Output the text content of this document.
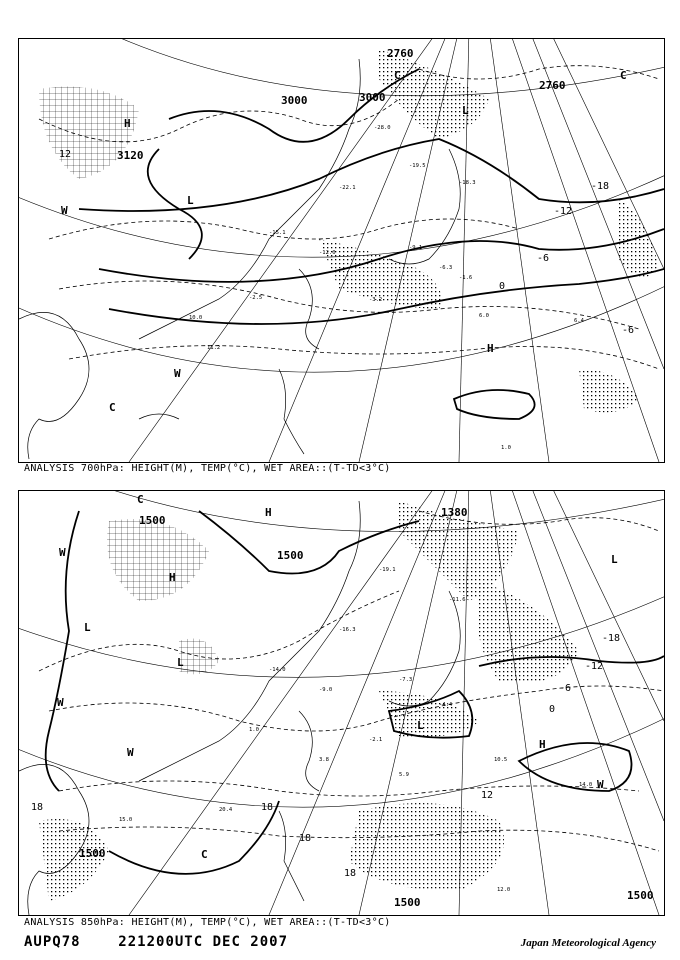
3000	3000
2760
2760
3120
-18
-12
-6
0
-6
12
H
L
C
W
W
C
H
L
C
-28.0
-22.1
-19.5
-18.3
-15.1
-12.0
-9.1
-6.3
-3.2
-1.6
-2.5
6.0
6.4
11.2
10.0
1.0
ANALYSIS 700hPa: HEIGHT(M), TEMP(°C), WET AREA::(T-TD<3°C)
1500
1500
1380
1500
1500
1500
-18
-12
-6
0
12
18	18
18
18
H
L
W
W
W
L
H
H
W
C
L
L
C
-19.1
-16.3
-14.0
-11.6
-9.0
-7.3
-4.4
-2.1
1.0
3.8
5.9
10.5
14.0
20.4
15.0
12.0
ANALYSIS 850hPa: HEIGHT(M), TEMP(°C), WET AREA::(T-TD<3°C)
AUPQ78	221200UTC DEC 2007	Japan Meteorological Agency
